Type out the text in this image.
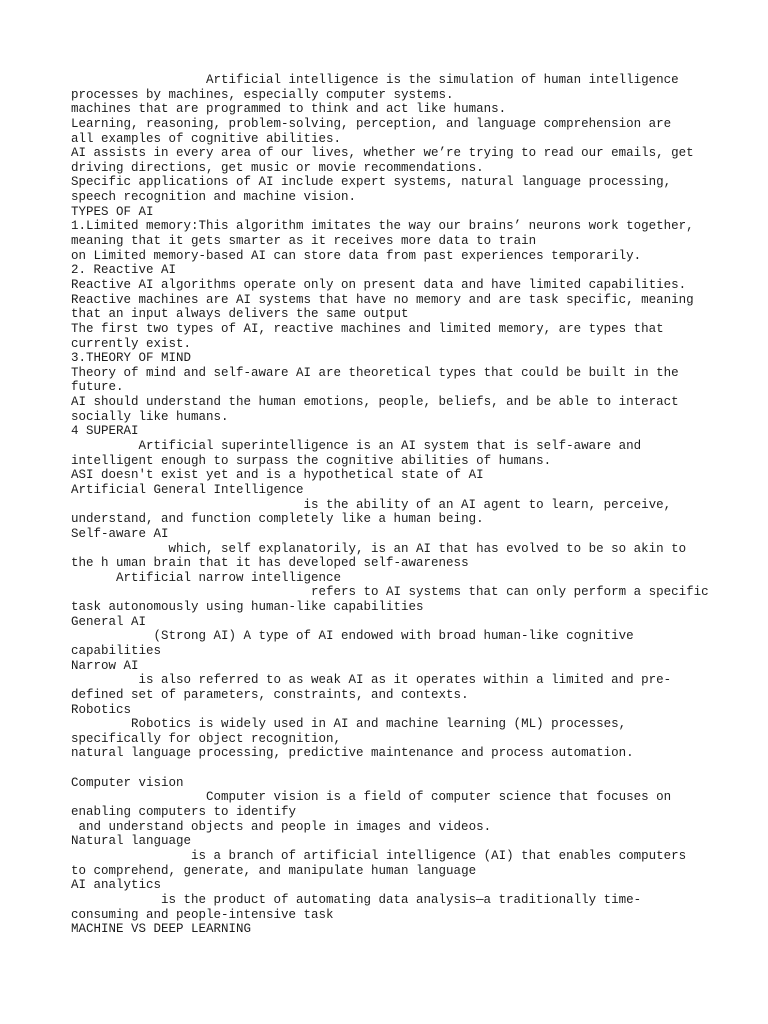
Artificial intelligence is the simulation of human intelligence
processes by machines, especially computer systems.
machines that are programmed to think and act like humans.
Learning, reasoning, problem-solving, perception, and language comprehension are
all examples of cognitive abilities.
AI assists in every area of our lives, whether we’re trying to read our emails, get
driving directions, get music or movie recommendations.
Specific applications of AI include expert systems, natural language processing,
speech recognition and machine vision.
TYPES OF AI
1.Limited memory:This algorithm imitates the way our brains’ neurons work together,
meaning that it gets smarter as it receives more data to train
on Limited memory-based AI can store data from past experiences temporarily.
2. Reactive AI
Reactive AI algorithms operate only on present data and have limited capabilities.
Reactive machines are AI systems that have no memory and are task specific, meaning
that an input always delivers the same output
The first two types of AI, reactive machines and limited memory, are types that
currently exist.
3.THEORY OF MIND
Theory of mind and self-aware AI are theoretical types that could be built in the
future.
AI should understand the human emotions, people, beliefs, and be able to interact
socially like humans.
4 SUPERAI
Artificial superintelligence is an AI system that is self-aware and
intelligent enough to surpass the cognitive abilities of humans.
ASI doesn't exist yet and is a hypothetical state of AI
Artificial General Intelligence
is the ability of an AI agent to learn, perceive,
understand, and function completely like a human being.
Self-aware AI
which, self explanatorily, is an AI that has evolved to be so akin to
the h uman brain that it has developed self-awareness
Artificial narrow intelligence
refers to AI systems that can only perform a specific
task autonomously using human-like capabilities
General AI
(Strong AI) A type of AI endowed with broad human-like cognitive
capabilities
Narrow AI
is also referred to as weak AI as it operates within a limited and pre-
defined set of parameters, constraints, and contexts.
Robotics
Robotics is widely used in AI and machine learning (ML) processes,
specifically for object recognition,
natural language processing, predictive maintenance and process automation.
Computer vision
Computer vision is a field of computer science that focuses on
enabling computers to identify
and understand objects and people in images and videos.
Natural language
is a branch of artificial intelligence (AI) that enables computers
to comprehend, generate, and manipulate human language
AI analytics
is the product of automating data analysis—a traditionally time-
consuming and people-intensive task
MACHINE VS DEEP LEARNING
